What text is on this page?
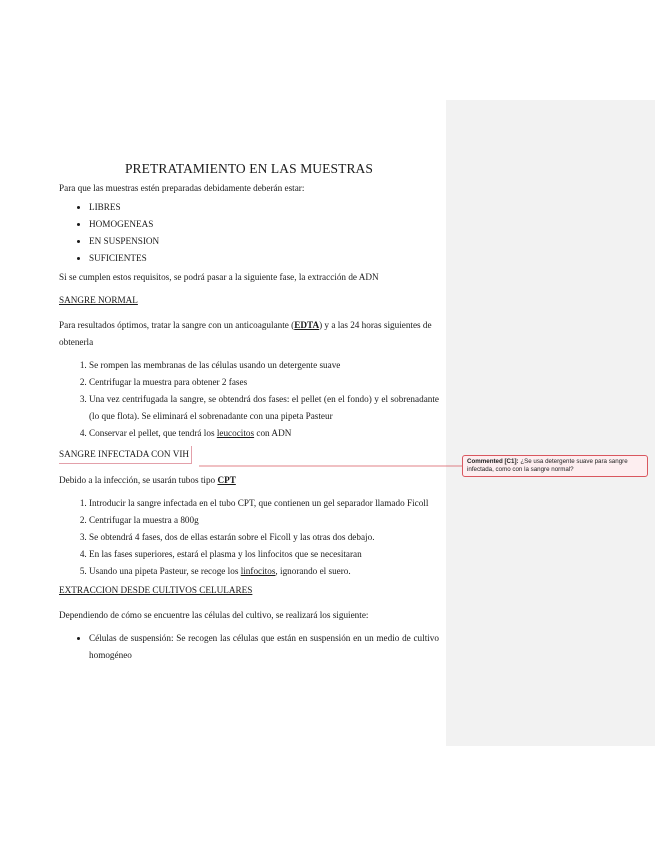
PRETRATAMIENTO EN LAS MUESTRAS

Para que las muestras estén preparadas debidamente deberán estar:

• LIBRES
• HOMOGENEAS
• EN SUSPENSION
• SUFICIENTES

Si se cumplen estos requisitos, se podrá pasar a la siguiente fase, la extracción de ADN

SANGRE NORMAL

Para resultados óptimos, tratar la sangre con un anticoagulante (EDTA) y a las 24 horas siguientes de obtenerla

1. Se rompen las membranas de las células usando un detergente suave
2. Centrifugar la muestra para obtener 2 fases
3. Una vez centrifugada la sangre, se obtendrá dos fases: el pellet (en el fondo) y el sobrenadante (lo que flota). Se eliminará el sobrenadante con una pipeta Pasteur
4. Conservar el pellet, que tendrá los leucocitos con ADN

SANGRE INFECTADA CON VIH

Debido a la infección, se usarán tubos tipo CPT

1. Introducir la sangre infectada en el tubo CPT, que contienen un gel separador llamado Ficoll
2. Centrifugar la muestra a 800g
3. Se obtendrá 4 fases, dos de ellas estarán sobre el Ficoll y las otras dos debajo.
4. En las fases superiores, estará el plasma y los linfocitos que se necesitaran
5. Usando una pipeta Pasteur, se recoge los linfocitos, ignorando el suero.

EXTRACCION DESDE CULTIVOS CELULARES

Dependiendo de cómo se encuentre las células del cultivo, se realizará los siguiente:

• Células de suspensión: Se recogen las células que están en suspensión en un medio de cultivo homogéneo
Commented [C1]: ¿Se usa detergente suave para sangre infectada, como con la sangre normal?
